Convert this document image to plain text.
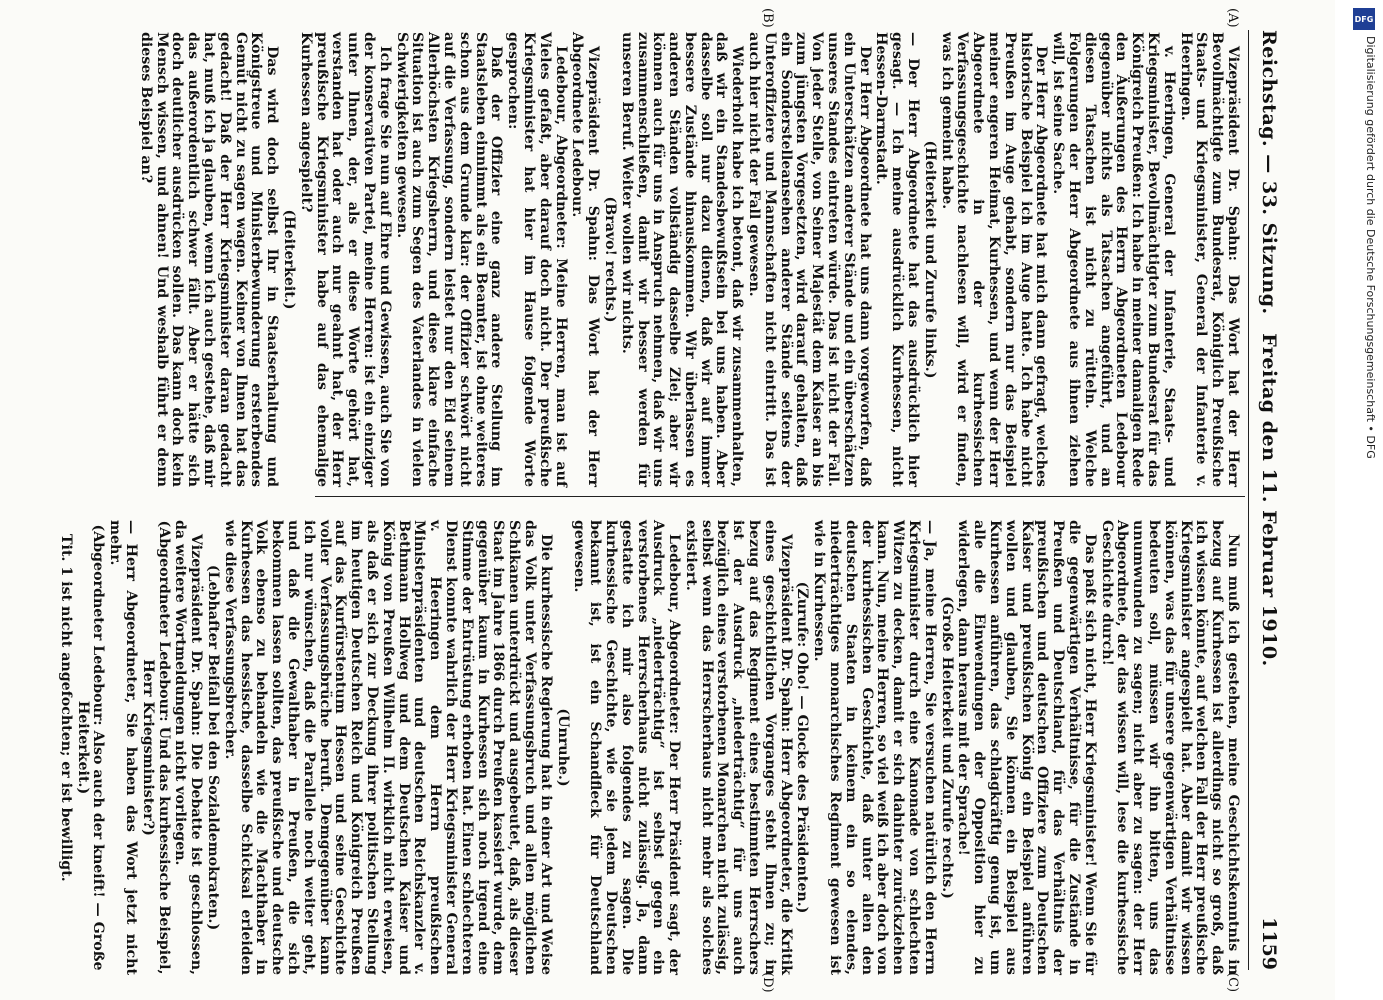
Reichstag. — 33. Sitzung.
Freitag den 11. Februar 1910.
1159
(A)
(B)
(C)
(D)

Vizepräsident Dr. Spahn: Das Wort hat der Herr Bevollmächtigte zum Bundesrat, Königlich Preußische Staats- und Kriegsminister, General der Infanterie v. Heeringen.

v. Heeringen, General der Infanterie, Staats- und Kriegsminister, Bevollmächtigter zum Bundesrat für das Königreich Preußen: Ich habe in meiner damaligen Rede den Äußerungen des Herrn Abgeordneten Ledebour gegenüber nichts als Tatsachen angeführt, und an diesen Tatsachen ist nicht zu rütteln. Welche Folgerungen der Herr Abgeordnete aus ihnen ziehen will, ist seine Sache.

Der Herr Abgeordnete hat mich dann gefragt, welches historische Beispiel ich im Auge hatte. Ich habe nicht Preußen im Auge gehabt, sondern nur das Beispiel meiner engeren Heimat, Kurhessen, und wenn der Herr Abgeordnete in der kurhessischen Verfassungsgeschichte nachlesen will, wird er finden, was ich gemeint habe.

(Heiterkeit und Zurufe links.)

— Der Herr Abgeordnete hat das ausdrücklich hier gesagt. — Ich meine ausdrücklich Kurhessen, nicht Hessen-Darmstadt.

Der Herr Abgeordnete hat uns dann vorgeworfen, daß ein Unterschätzen anderer Stände und ein überschätzen unseres Standes eintreten würde. Das ist nicht der Fall. Von jeder Stelle, von Seiner Majestät dem Kaiser an bis zum jüngsten Vorgesetzten, wird darauf gehalten, daß ein Sonderstelleansehen anderer Stände seitens der Unteroffiziere und Mannschaften nicht eintritt. Das ist auch hier nicht der Fall gewesen.

Wiederholt habe ich betont, daß wir zusammenhalten, daß wir ein Standesbewußtsein bei uns haben. Aber dasselbe soll nur dazu dienen, daß wir auf immer bessere Zustände hinauskommen. Wir überlassen es anderen Ständen vollständig dasselbe Ziel; aber wir können auch für uns in Anspruch nehmen, daß wir uns zusammenschließen, damit wir besser werden für unseren Beruf. Weiter wollen wir nichts.

(Bravo! rechts.)

Vizepräsident Dr. Spahn: Das Wort hat der Herr Abgeordnete Ledebour.

Ledebour, Abgeordneter: Meine Herren, man ist auf Vieles gefaßt, aber darauf doch nicht. Der preußische Kriegsminister hat hier im Hause folgende Worte gesprochen:

Daß der Offizier eine ganz andere Stellung im Staatsleben einnimmt als ein Beamter, ist ohne weiteres schon aus dem Grunde klar: der Offizier schwört nicht auf die Verfassung, sondern leistet nur den Eid seinem Allerhöchsten Kriegsherrn, und diese klare einfache Situation ist auch zum Segen des Vaterlandes in vielen Schwierigkeiten gewesen.

Ich frage Sie nun auf Ehre und Gewissen, auch Sie von der konservativen Partei, meine Herren: ist ein einziger unter Ihnen, der, als er diese Worte gehört hat, verstanden hat oder auch nur geahnt hat, der Herr preußische Kriegsminister habe auf das ehemalige Kurhessen angespielt?

(Heiterkeit.)

Das wird doch selbst Ihr in Staatserhaltung und Königstreue und Ministerbewunderung ersterbendes Gemüt nicht zu sagen wagen. Keiner von Ihnen hat das gedacht! Daß der Herr Kriegsminister daran gedacht hat, muß ich ja glauben, wenn ich auch gestehe, daß mir das außerordentlich schwer fällt. Aber er hätte sich doch deutlicher ausdrücken sollen. Das kann doch kein Mensch wissen, und ahnen! Und weshalb führt er denn dieses Beispiel an?

Nun muß ich gestehen, meine Geschichtskenntnis in bezug auf Kurhessen ist allerdings nicht so groß, daß ich wissen könnte, auf welchen Fall der Herr preußische Kriegsminister angespielt hat. Aber damit wir wissen können, was das für unsere gegenwärtigen Verhältnisse bedeuten soll, müssen wir ihn bitten, uns das unumwunden zu sagen; nicht aber zu sagen: der Herr Abgeordnete, der das wissen will, lese die kurhessische Geschichte durch!

Das paßt sich nicht, Herr Kriegsminister! Wenn Sie für die gegenwärtigen Verhältnisse, für die Zustände in Preußen und Deutschland, für das Verhältnis der preußischen und deutschen Offiziere zum Deutschen Kaiser und preußischen König ein Beispiel anführen wollen und glauben, Sie können ein Beispiel aus Kurhessen anführen, das schlagkräftig genug ist, um alle die Einwendungen der Opposition hier zu widerlegen, dann heraus mit der Sprache!

(Große Heiterkeit und Zurufe rechts.)

— Ja, meine Herren, Sie versuchen natürlich den Herrn Kriegsminister durch eine Kanonade von schlechten Witzen zu decken, damit er sich dahinter zurückziehen kann. Nun, meine Herren, so viel weiß ich aber doch von der kurhessischen Geschichte, daß unter allen den deutschen Staaten in keinem ein so elendes, niederträchtiges monarchisches Regiment gewesen ist wie in Kurhessen.

(Zurufe: Oho! — Glocke des Präsidenten.)

Vizepräsident Dr. Spahn: Herr Abgeordneter, die Kritik eines geschichtlichen Vorganges steht Ihnen zu; in bezug auf das Regiment eines bestimmten Herrschers ist der Ausdruck „niederträchtig“ für uns auch bezüglich eines verstorbenen Monarchen nicht zulässig, selbst wenn das Herrscherhaus nicht mehr als solches existiert.

Ledebour, Abgeordneter: Der Herr Präsident sagt, der Ausdruck „niederträchtig“ ist selbst gegen ein verstorbenes Herrscherhaus nicht zulässig. Ja, dann gestatte ich mir also folgendes zu sagen. Die kurhessische Geschichte, wie sie jedem Deutschen bekannt ist, ist ein Schandfleck für Deutschland gewesen.

(Unruhe.)

Die kurhessische Regierung hat in einer Art und Weise das Volk unter Verfassungsbruch und allen möglichen Schikanen unterdrückt und ausgebeutet, daß, als dieser Staat im Jahre 1866 durch Preußen kassiert wurde, dem gegenüber kaum in Kurhessen sich noch irgend eine Stimme der Entrüstung erhoben hat. Einen schlechteren Dienst konnte wahrlich der Herr Kriegsminister General v. Heeringen dem Herrn preußischen Ministerpräsidenten und deutschen Reichskanzler v. Bethmann Hollweg und dem Deutschen Kaiser und König von Preußen Wilhelm II. wirklich nicht erweisen, als daß er sich zur Deckung ihrer politischen Stellung im heutigen Deutschen Reich und Königreich Preußen auf das Kurfürstentum Hessen und seine Geschichte voller Verfassungsbrüche beruft. Demgegenüber kann ich nur wünschen, daß die Parallele noch weiter geht, und daß die Gewalthaber in Preußen, die sich bekommen lassen sollten, das preußische und deutsche Volk ebenso zu behandeln wie die Machthaber in Kurhessen das hessische, dasselbe Schicksal erleiden wie diese Verfassungsbrecher.

(Lebhafter Beifall bei den Sozialdemokraten.)

Vizepräsident Dr. Spahn: Die Debatte ist geschlossen, da weitere Wortmeldungen nicht vorliegen.

(Abgeordneter Ledebour: Und das kurhessische Beispiel, Herr Kriegsminister?)

— Herr Abgeordneter, Sie haben das Wort jetzt nicht mehr.

(Abgeordneter Ledebour: Also auch der kneift! — Große Heiterkeit.)

Tit. 1 ist nicht angefochten; er ist bewilligt.

DFG
Digitalisierung gefördert durch die Deutsche Forschungsgemeinschaft • DFG
